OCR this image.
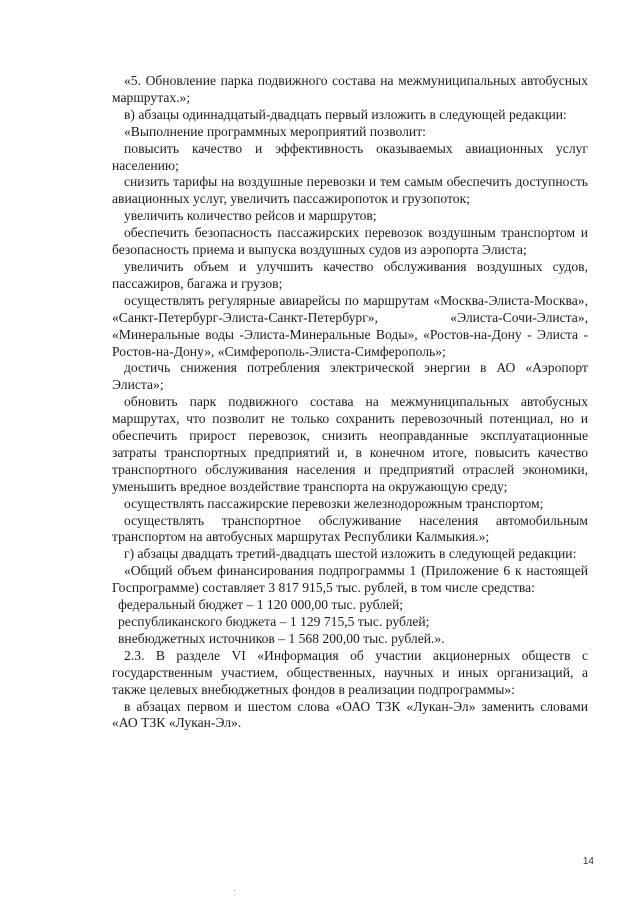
«5. Обновление парка подвижного состава на межмуниципальных автобусных маршрутах.»;

в) абзацы одиннадцатый-двадцать первый изложить в следующей редакции:

«Выполнение программных мероприятий позволит:

повысить качество и эффективность оказываемых авиационных услуг населению;

снизить тарифы на воздушные перевозки и тем самым обеспечить доступность авиационных услуг, увеличить пассажиропоток и грузопоток;

увеличить количество рейсов и маршрутов;

обеспечить безопасность пассажирских перевозок воздушным транспортом и безопасность приема и выпуска воздушных судов из аэропорта Элиста;

увеличить объем и улучшить качество обслуживания воздушных судов, пассажиров, багажа и грузов;

осуществлять регулярные авиарейсы по маршрутам «Москва-Элиста-Москва», «Санкт-Петербург-Элиста-Санкт-Петербург», «Элиста-Сочи-Элиста», «Минеральные воды -Элиста-Минеральные Воды», «Ростов-на-Дону - Элиста - Ростов-на-Дону», «Симферополь-Элиста-Симферополь»;

достичь снижения потребления электрической энергии в АО «Аэропорт Элиста»;

обновить парк подвижного состава на межмуниципальных автобусных маршрутах, что позволит не только сохранить перевозочный потенциал, но и обеспечить прирост перевозок, снизить неоправданные эксплуатационные затраты транспортных предприятий и, в конечном итоге, повысить качество транспортного обслуживания населения и предприятий отраслей экономики, уменьшить вредное воздействие транспорта на окружающую среду;

осуществлять пассажирские перевозки железнодорожным транспортом;

осуществлять транспортное обслуживание населения автомобильным транспортом на автобусных маршрутах Республики Калмыкия.»;

г) абзацы двадцать третий-двадцать шестой изложить в следующей редакции:

«Общий объем финансирования подпрограммы 1 (Приложение 6 к настоящей Госпрограмме) составляет 3 817 915,5 тыс. рублей, в том числе средства:

федеральный бюджет – 1 120 000,00 тыс. рублей;

республиканского бюджета – 1 129 715,5 тыс. рублей;

внебюджетных источников – 1 568 200,00 тыс. рублей.».

2.3. В разделе VI «Информация об участии акционерных обществ с государственным участием, общественных, научных и иных организаций, а также целевых внебюджетных фондов в реализации подпрограммы»:

в абзацах первом и шестом слова «ОАО ТЗК «Лукан-Эл» заменить словами «АО ТЗК «Лукан-Эл».

14
